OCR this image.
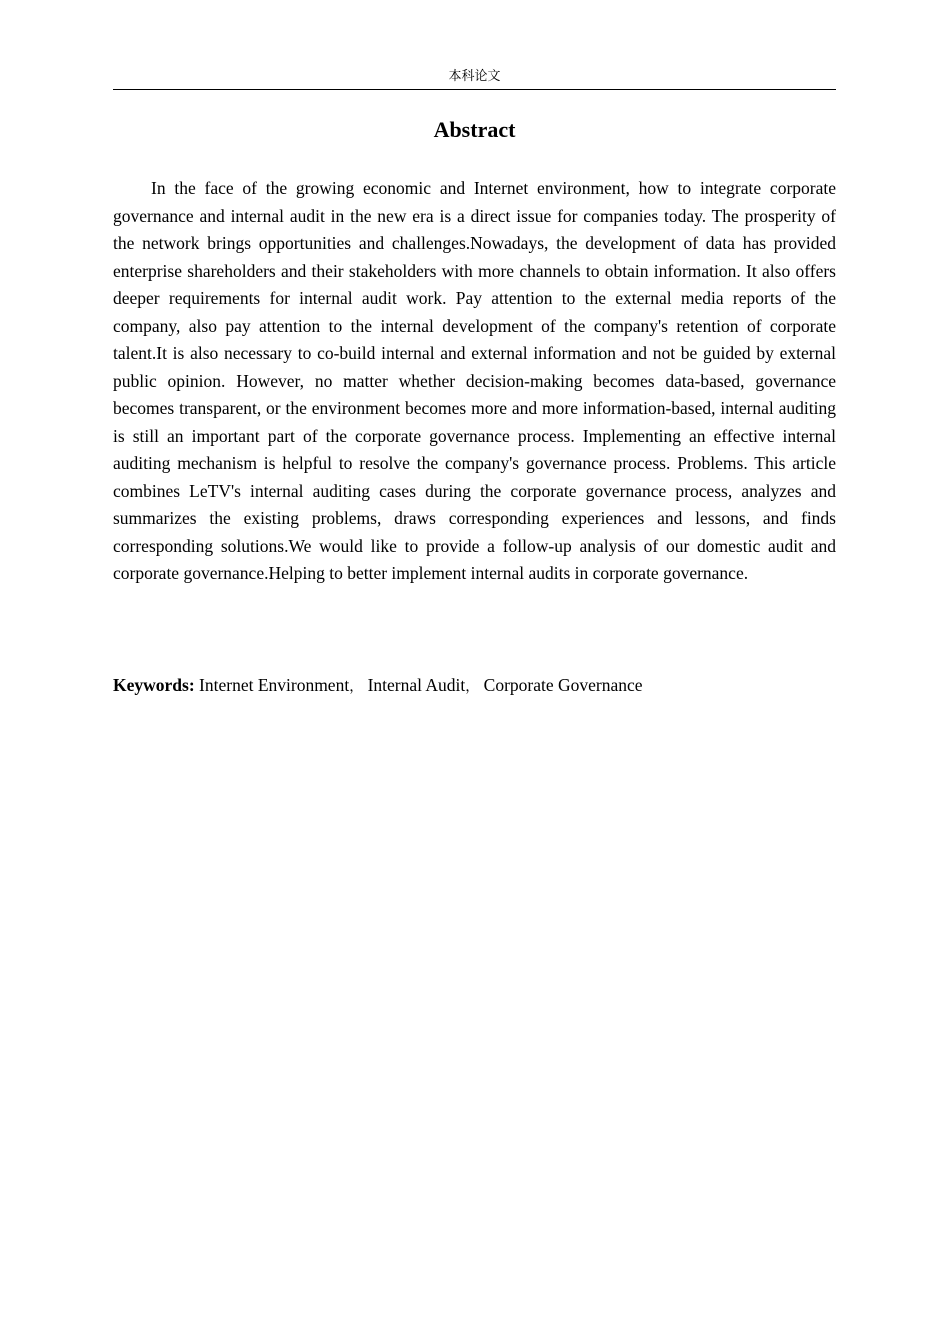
本科论文
Abstract

In the face of the growing economic and Internet environment, how to integrate corporate governance and internal audit in the new era is a direct issue for companies today. The prosperity of the network brings opportunities and challenges.Nowadays, the development of data has provided enterprise shareholders and their stakeholders with more channels to obtain information. It also offers deeper requirements for internal audit work. Pay attention to the external media reports of the company, also pay attention to the internal development of the company's retention of corporate talent.It is also necessary to co-build internal and external information and not be guided by external public opinion. However, no matter whether decision-making becomes data-based, governance becomes transparent, or the environment becomes more and more information-based, internal auditing is still an important part of the corporate governance process. Implementing an effective internal auditing mechanism is helpful to resolve the company's governance process. Problems. This article combines LeTV's internal auditing cases during the corporate governance process, analyzes and summarizes the existing problems, draws corresponding experiences and lessons, and finds corresponding solutions.We would like to provide a follow-up analysis of our domestic audit and corporate governance.Helping to better implement internal audits in corporate governance.

Keywords: Internet Environment， Internal Audit， Corporate Governance
